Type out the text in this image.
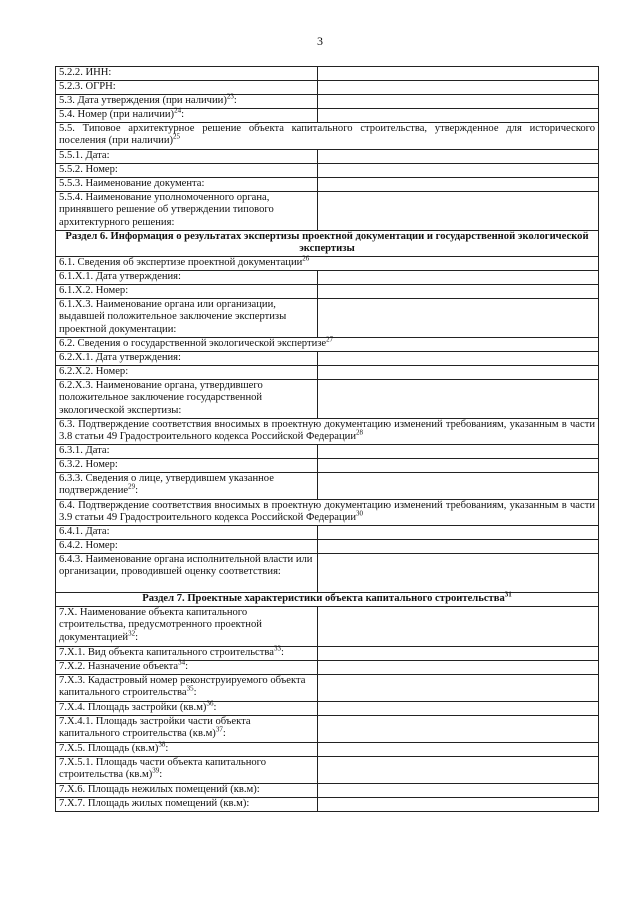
3
5.2.2. ИНН:	
5.2.3. ОГРН:	
5.3. Дата утверждения (при наличии)$^{23}$:	
5.4. Номер (при наличии)$^{24}$:	
5.5. Типовое архитектурное решение объекта капитального строительства, утвержденное для исторического поселения (при наличии)$^{25}$
5.5.1. Дата:	
5.5.2. Номер:	
5.5.3. Наименование документа:	
5.5.4. Наименование уполномоченного органа, принявшего решение об утверждении типового архитектурного решения:	
Раздел 6. Информация о результатах экспертизы проектной документации и государственной экологической экспертизы	
6.1. Сведения об экспертизе проектной документации$^{26}$
6.1.Х.1. Дата утверждения:	
6.1.Х.2. Номер:	
6.1.Х.3. Наименование органа или организации, выдавшей положительное заключение экспертизы проектной документации:	
6.2. Сведения о государственной экологической экспертизе$^{27}$
6.2.Х.1. Дата утверждения:	
6.2.Х.2. Номер:	
6.2.Х.3. Наименование органа, утвердившего положительное заключение государственной экологической экспертизы:	
6.3. Подтверждение соответствия вносимых в проектную документацию изменений требованиям, указанным в части 3.8 статьи 49 Градостроительного кодекса Российской Федерации$^{28}$
6.3.1. Дата:	
6.3.2. Номер:	
6.3.3. Сведения о лице, утвердившем указанное подтверждение$^{29}$:	
6.4. Подтверждение соответствия вносимых в проектную документацию изменений требованиям, указанным в части 3.9 статьи 49 Градостроительного кодекса Российской Федерации$^{30}$
6.4.1. Дата:	
6.4.2. Номер:	
6.4.3. Наименование органа исполнительной власти или организации, проводившей оценку соответствия:	
Раздел 7. Проектные характеристики объекта капитального строительства$^{31}$
7.Х. Наименование объекта капитального строительства, предусмотренного проектной документацией$^{32}$:	
7.Х.1. Вид объекта капитального строительства$^{33}$:	
7.Х.2. Назначение объекта$^{34}$:	
7.Х.3. Кадастровый номер реконструируемого объекта капитального строительства$^{35}$:	
7.Х.4. Площадь застройки $(кв.м)^{36}$:	
7.Х.4.1. Площадь застройки части объекта капитального строительства $(кв.м)^{37}$:	
7.Х.5. Площадь $(кв.м)^{38}$:	
7.Х.5.1. Площадь части объекта капитального строительства $(кв.м)^{39}$:	
7.Х.6. Площадь нежилых помещений (кв.м):	
7.Х.7. Площадь жилых помещений (кв.м):	
